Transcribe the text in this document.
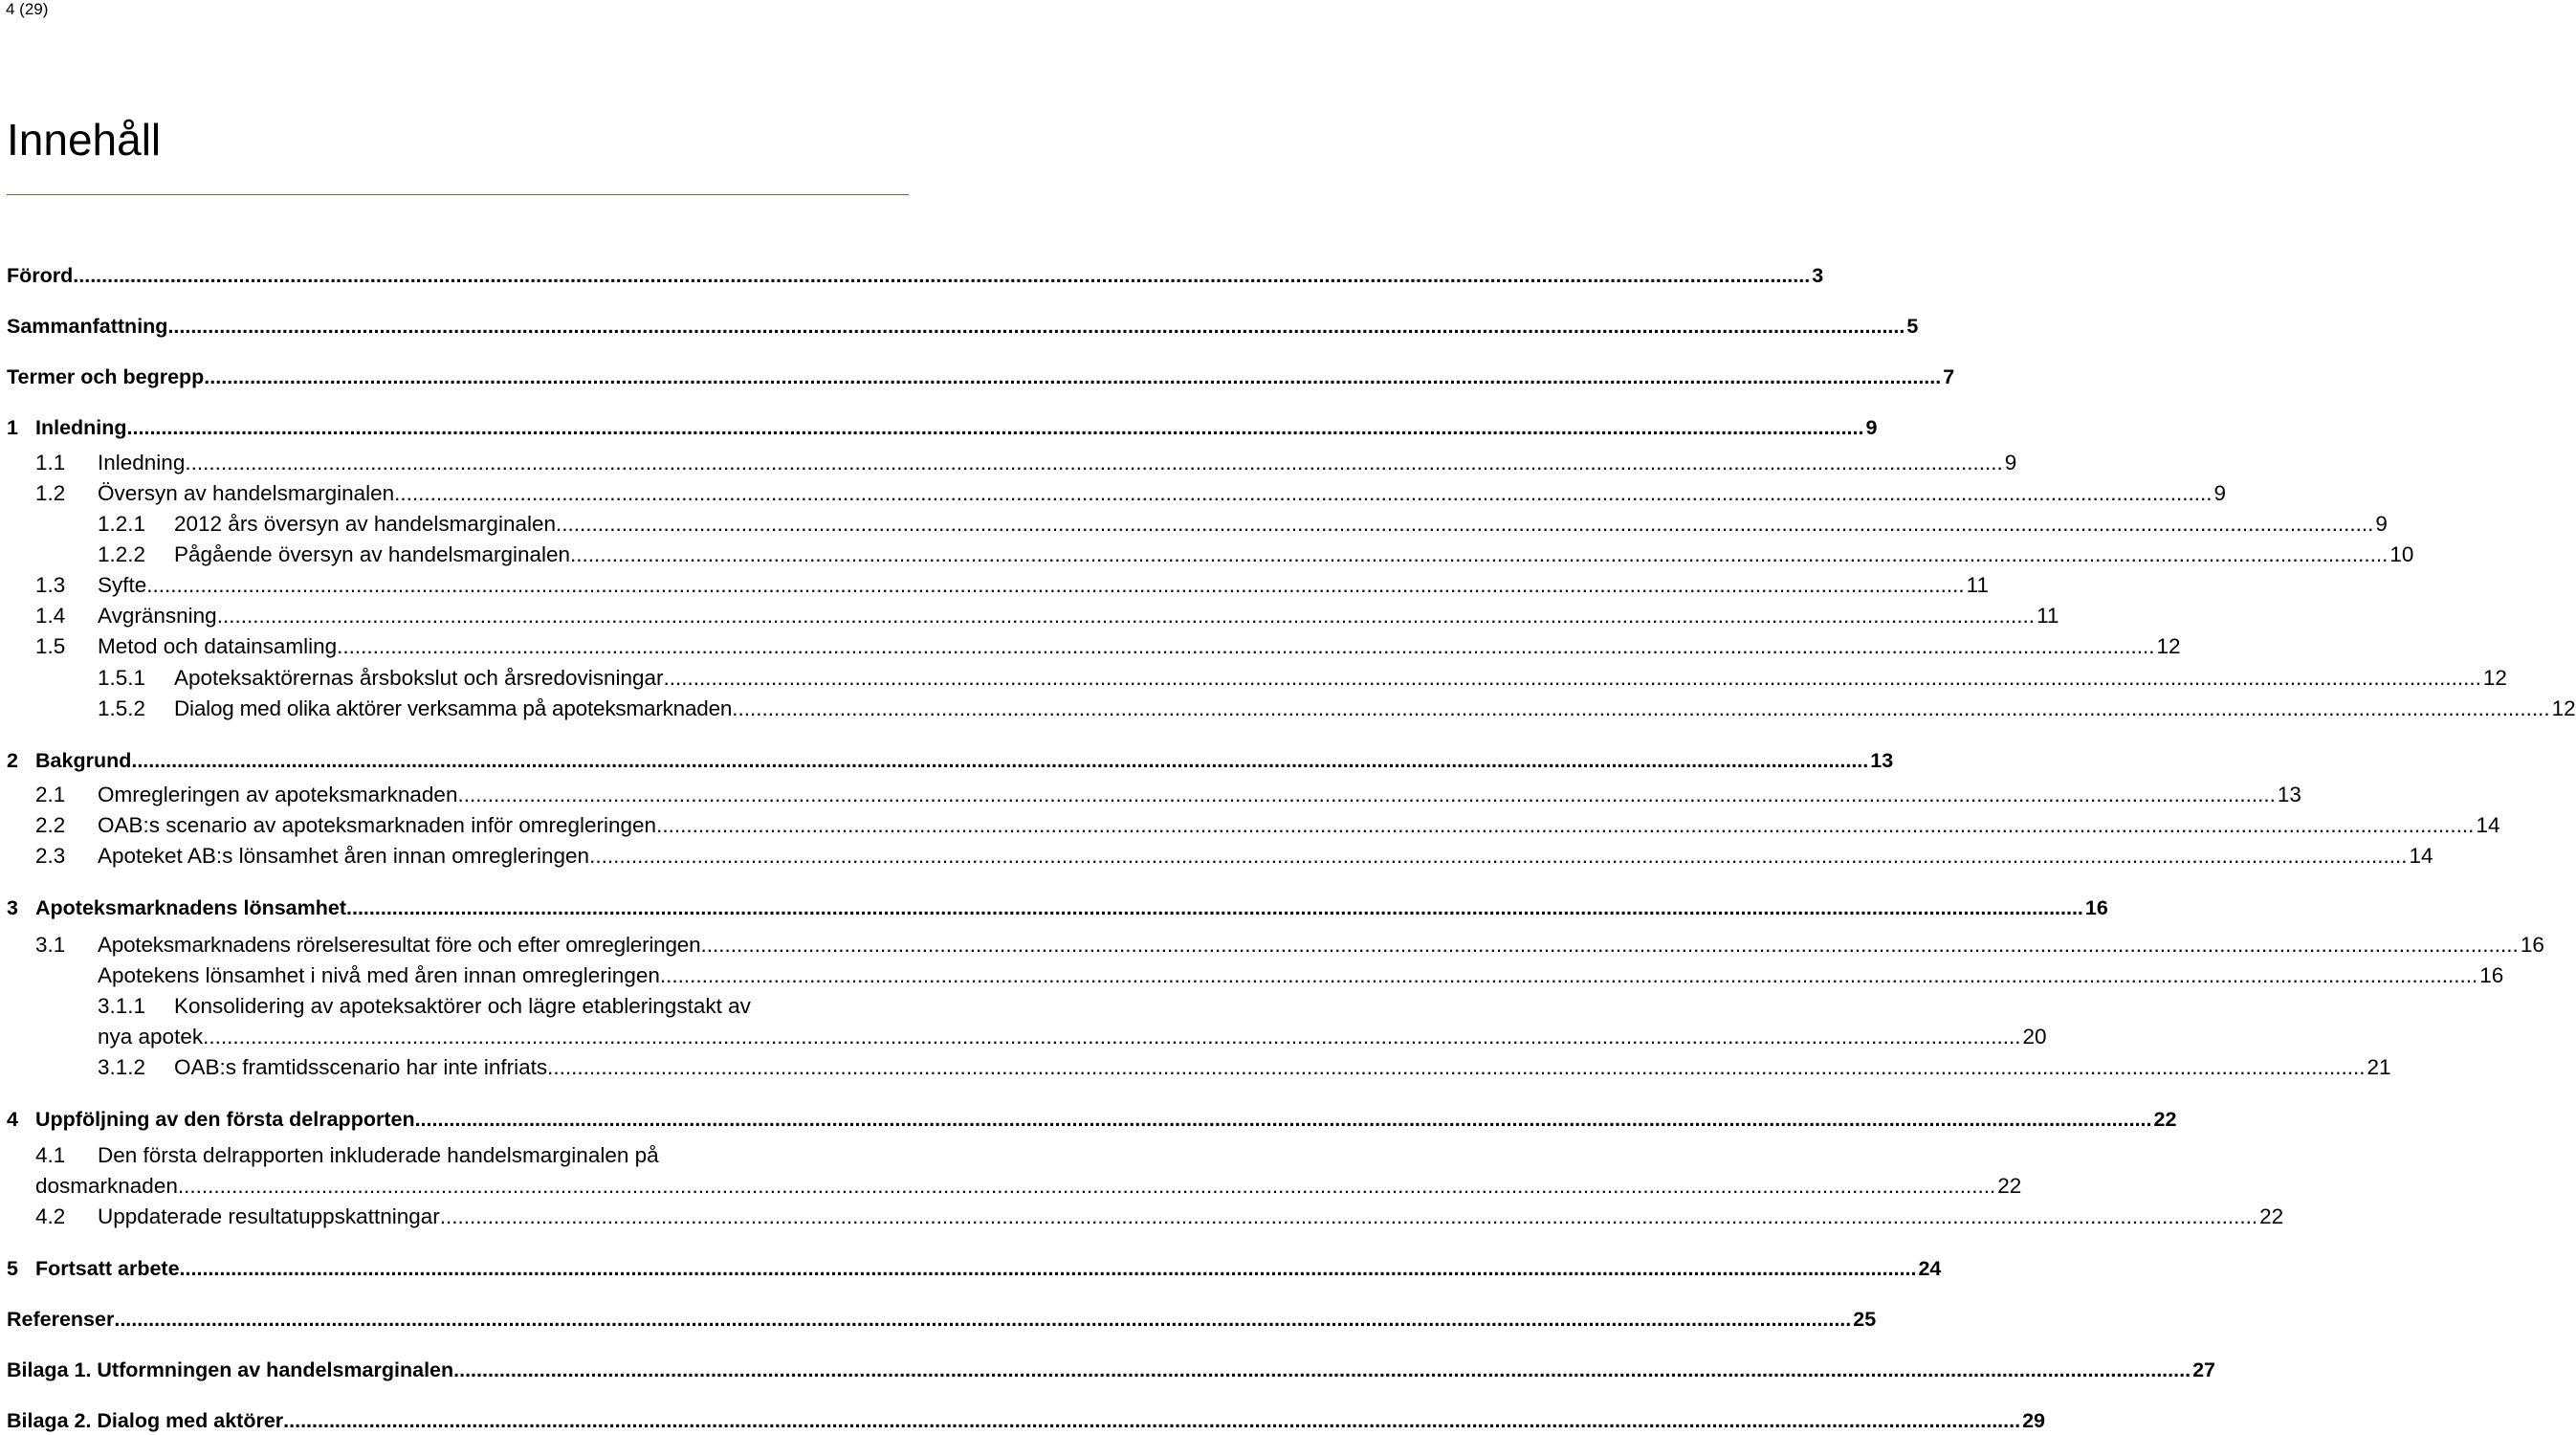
4 (29)
Innehåll
Förord .....	3
Sammanfattning .....	5
Termer och begrepp .....	7
1 Inledning .....	9
1.1	Inledning .....	9
1.2	Översyn av handelsmarginalen .....	9
1.2.1	2012 års översyn av handelsmarginalen .....	9
1.2.2	Pågående översyn av handelsmarginalen .....	10
1.3	Syfte .....	11
1.4	Avgränsning .....	11
1.5	Metod och datainsamling .....	12
1.5.1	Apoteksaktörernas årsbokslut och årsredovisningar .....	12
1.5.2	Dialog med olika aktörer verksamma på apoteksmarknaden .....	12
2 Bakgrund .....	13
2.1	Omregleringen av apoteksmarknaden .....	13
2.2	OAB:s scenario av apoteksmarknaden inför omregleringen .....	14
2.3	Apoteket AB:s lönsamhet åren innan omregleringen .....	14
3 Apoteksmarknadens lönsamhet .....	16
3.1	Apoteksmarknadens rörelseresultat före och efter omregleringen .....	16
Apotekens lönsamhet i nivå med åren innan omregleringen .....	16
3.1.1	Konsolidering av apoteksaktörer och lägre etableringstakt av
nya apotek .....	20
3.1.2	OAB:s framtidsscenario har inte infriats .....	21
4 Uppföljning av den första delrapporten .....	22
4.1	Den första delrapporten inkluderade handelsmarginalen på
dosmarknaden .....	22
4.2	Uppdaterade resultatuppskattningar .....	22
5 Fortsatt arbete .....	24
Referenser .....	25
Bilaga 1. Utformningen av handelsmarginalen .....	27
Bilaga 2. Dialog med aktörer .....	29
